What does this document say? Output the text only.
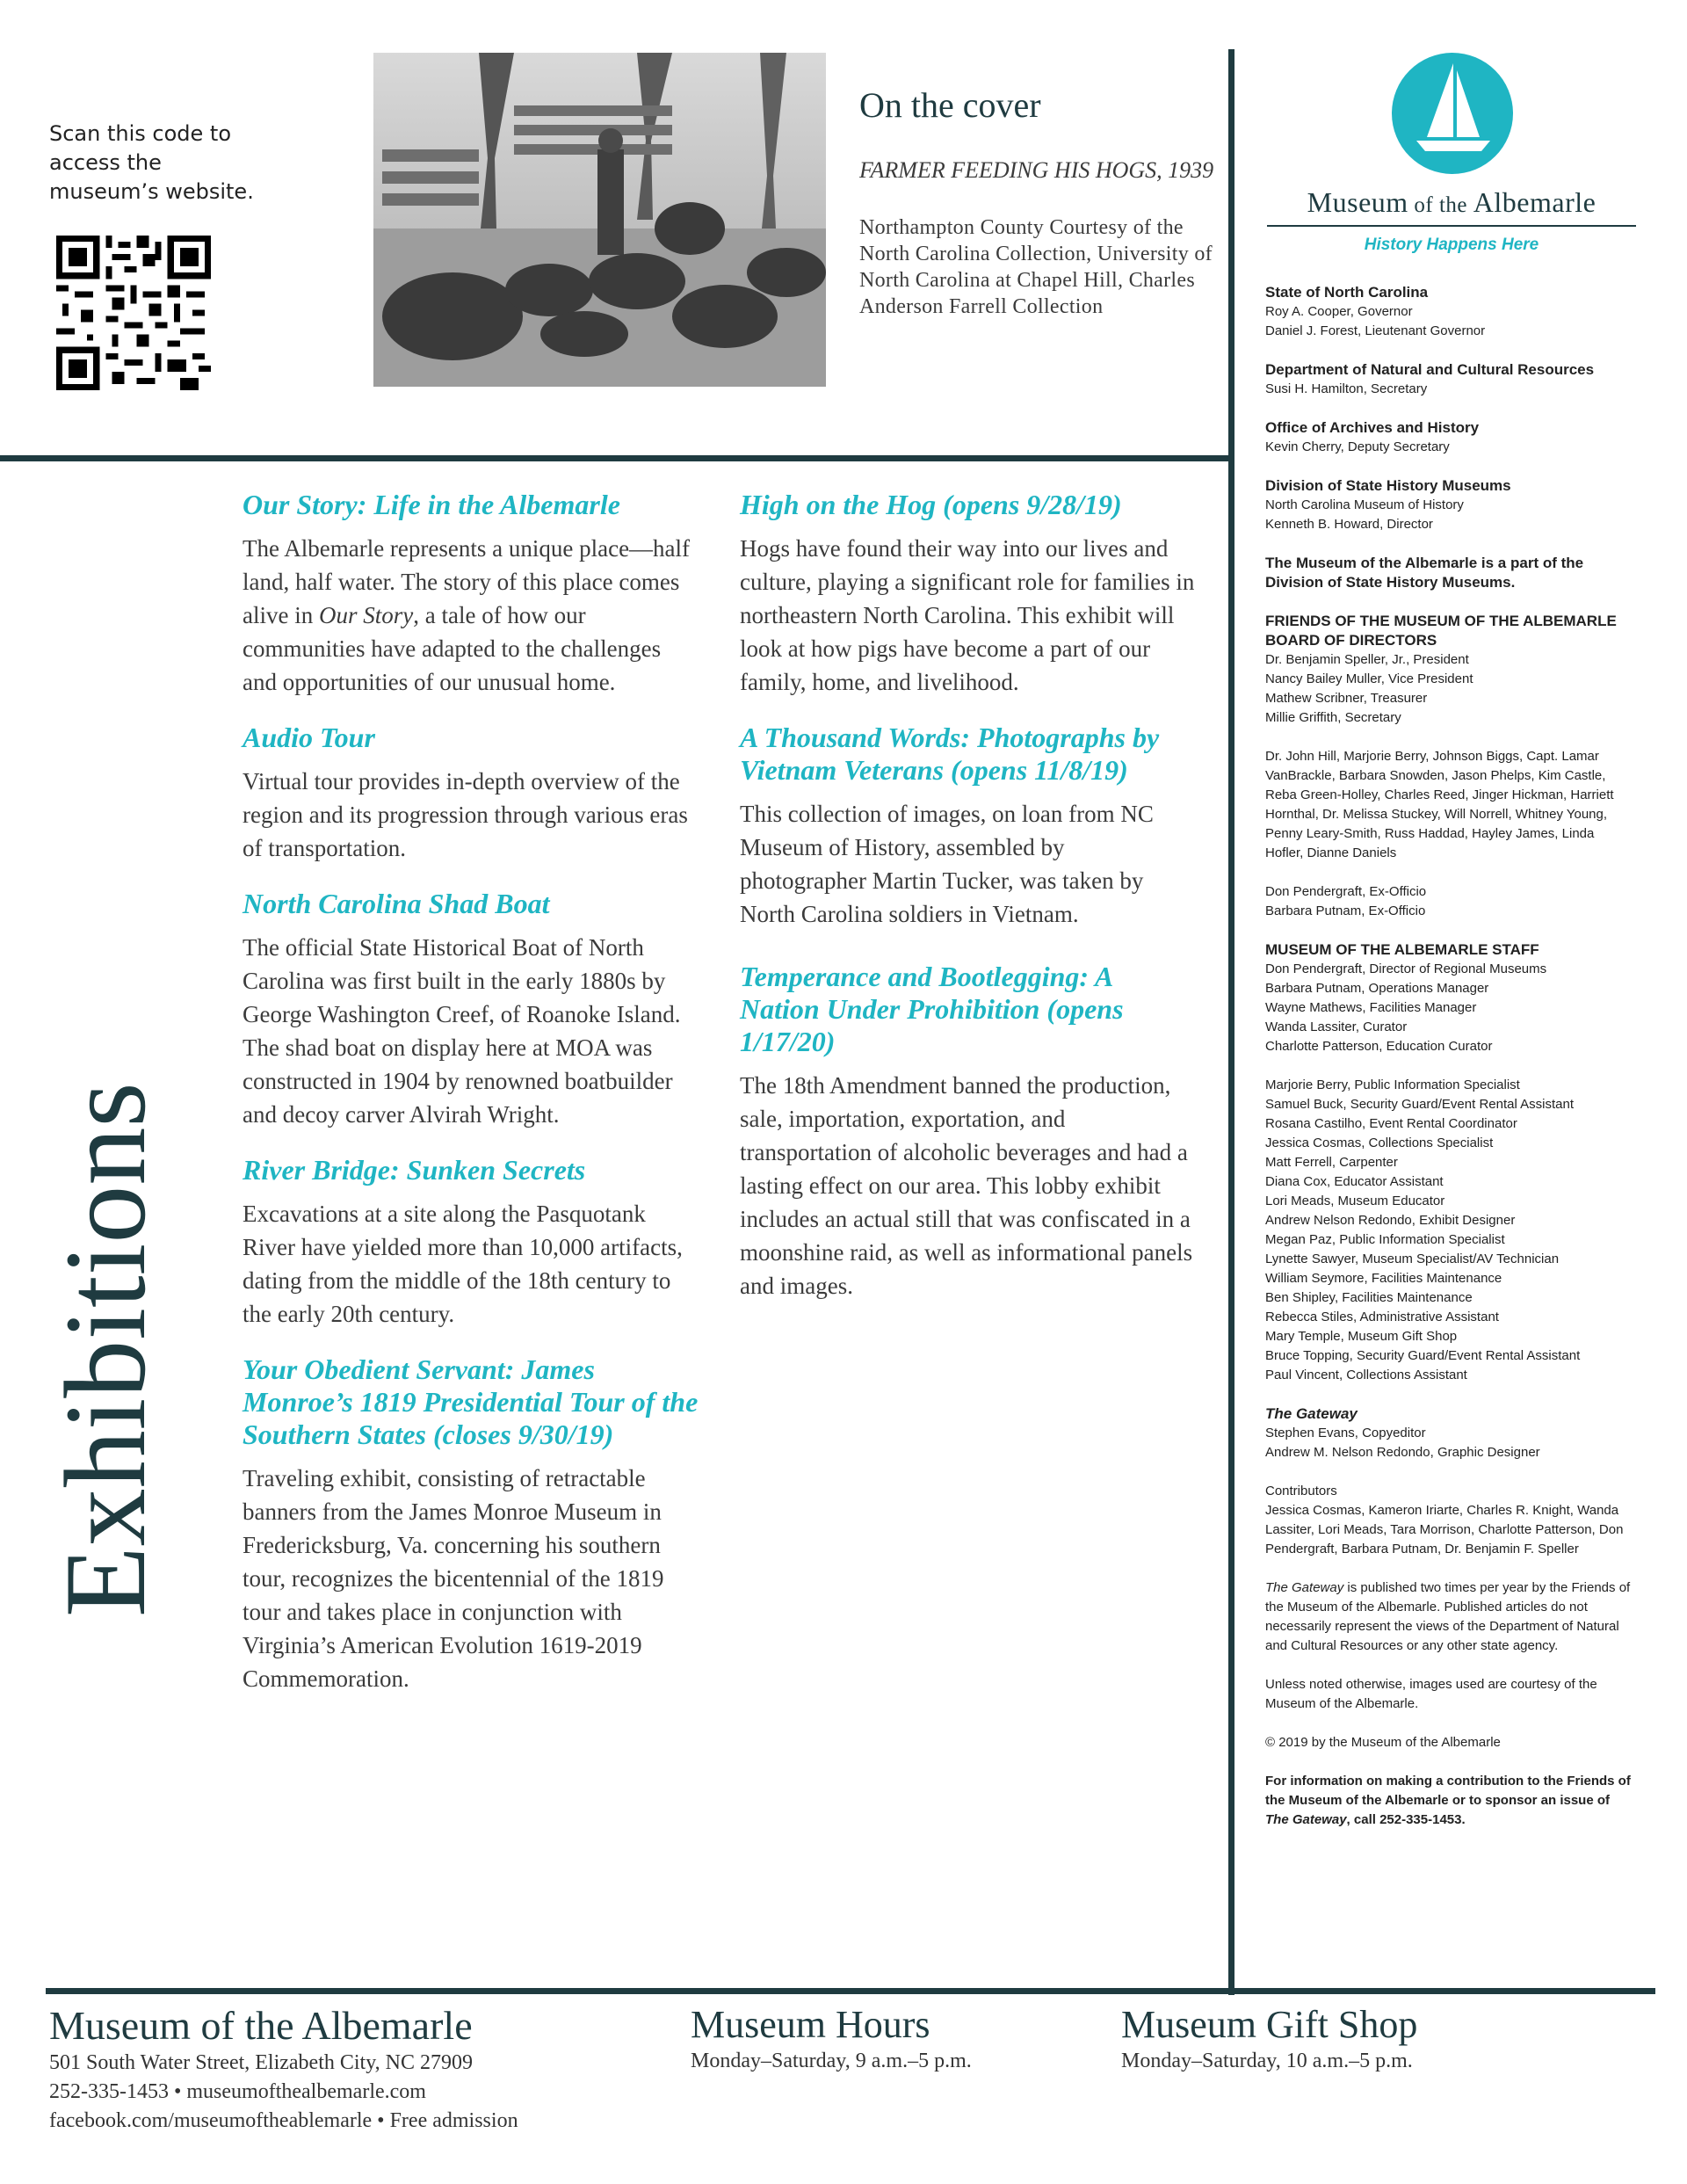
Scan this code to access the museum’s website.
On the cover
FARMER FEEDING HIS HOGS, 1939
Northampton County Courtesy of the North Carolina Collection, University of North Carolina at Chapel Hill, Charles Anderson Farrell Collection
Museum of the Albemarle
History Happens Here
Exhibitions
Our Story: Life in the Albemarle
The Albemarle represents a unique place—half land, half water. The story of this place comes alive in Our Story, a tale of how our communities have adapted to the challenges and opportunities of our unusual home.
Audio Tour
Virtual tour provides in-depth overview of the region and its progression through various eras of transportation.
North Carolina Shad Boat
The official State Historical Boat of North Carolina was first built in the early 1880s by George Washington Creef, of Roanoke Island. The shad boat on display here at MOA was constructed in 1904 by renowned boatbuilder and decoy carver Alvirah Wright.
River Bridge: Sunken Secrets
Excavations at a site along the Pasquotank River have yielded more than 10,000 artifacts, dating from the middle of the 18th century to the early 20th century.
Your Obedient Servant: James Monroe’s 1819 Presidential Tour of the Southern States (closes 9/30/19)
Traveling exhibit, consisting of retractable banners from the James Monroe Museum in Fredericksburg, Va. concerning his southern tour, recognizes the bicentennial of the 1819 tour and takes place in conjunction with Virginia’s American Evolution 1619-2019 Commemoration.
High on the Hog (opens 9/28/19)
Hogs have found their way into our lives and culture, playing a significant role for families in northeastern North Carolina. This exhibit will look at how pigs have become a part of our family, home, and livelihood.
A Thousand Words: Photographs by Vietnam Veterans (opens 11/8/19)
This collection of images, on loan from NC Museum of History, assembled by photographer Martin Tucker, was taken by North Carolina soldiers in Vietnam.
Temperance and Bootlegging: A Nation Under Prohibition (opens 1/17/20)
The 18th Amendment banned the production, sale, importation, exportation, and transportation of alcoholic beverages and had a lasting effect on our area. This lobby exhibit includes an actual still that was confiscated in a moonshine raid, as well as informational panels and images.
State of North Carolina
Roy A. Cooper, Governor
Daniel J. Forest, Lieutenant Governor
Department of Natural and Cultural Resources
Susi H. Hamilton, Secretary
Office of Archives and History
Kevin Cherry, Deputy Secretary
Division of State History Museums
North Carolina Museum of History
Kenneth B. Howard, Director
The Museum of the Albemarle is a part of the Division of State History Museums.
FRIENDS OF THE MUSEUM OF THE ALBEMARLE BOARD OF DIRECTORS
Dr. Benjamin Speller, Jr., President
Nancy Bailey Muller, Vice President
Mathew Scribner, Treasurer
Millie Griffith, Secretary
Dr. John Hill, Marjorie Berry, Johnson Biggs, Capt. Lamar VanBrackle, Barbara Snowden, Jason Phelps, Kim Castle, Reba Green-Holley, Charles Reed, Jinger Hickman, Harriett Hornthal, Dr. Melissa Stuckey, Will Norrell, Whitney Young, Penny Leary-Smith, Russ Haddad, Hayley James, Linda Hofler, Dianne Daniels
Don Pendergraft, Ex-Officio
Barbara Putnam, Ex-Officio
MUSEUM OF THE ALBEMARLE STAFF
Don Pendergraft, Director of Regional Museums
Barbara Putnam, Operations Manager
Wayne Mathews, Facilities Manager
Wanda Lassiter, Curator
Charlotte Patterson, Education Curator
Marjorie Berry, Public Information Specialist
Samuel Buck, Security Guard/Event Rental Assistant
Rosana Castilho, Event Rental Coordinator
Jessica Cosmas, Collections Specialist
Matt Ferrell, Carpenter
Diana Cox, Educator Assistant
Lori Meads, Museum Educator
Andrew Nelson Redondo, Exhibit Designer
Megan Paz, Public Information Specialist
Lynette Sawyer, Museum Specialist/AV Technician
William Seymore, Facilities Maintenance
Ben Shipley, Facilities Maintenance
Rebecca Stiles, Administrative Assistant
Mary Temple, Museum Gift Shop
Bruce Topping, Security Guard/Event Rental Assistant
Paul Vincent, Collections Assistant
The Gateway
Stephen Evans, Copyeditor
Andrew M. Nelson Redondo, Graphic Designer
Contributors
Jessica Cosmas, Kameron Iriarte, Charles R. Knight, Wanda Lassiter, Lori Meads, Tara Morrison, Charlotte Patterson, Don Pendergraft, Barbara Putnam, Dr. Benjamin F. Speller
The Gateway is published two times per year by the Friends of the Museum of the Albemarle. Published articles do not necessarily represent the views of the Department of Natural and Cultural Resources or any other state agency.
Unless noted otherwise, images used are courtesy of the Museum of the Albemarle.
© 2019 by the Museum of the Albemarle
For information on making a contribution to the Friends of the Museum of the Albemarle or to sponsor an issue of The Gateway, call 252-335-1453.
Museum of the Albemarle
501 South Water Street, Elizabeth City, NC 27909
252-335-1453 • museumofthealbemarle.com
facebook.com/museumoftheablemarle • Free admission
Museum Hours
Monday–Saturday, 9 a.m.–5 p.m.
Museum Gift Shop
Monday–Saturday, 10 a.m.–5 p.m.
